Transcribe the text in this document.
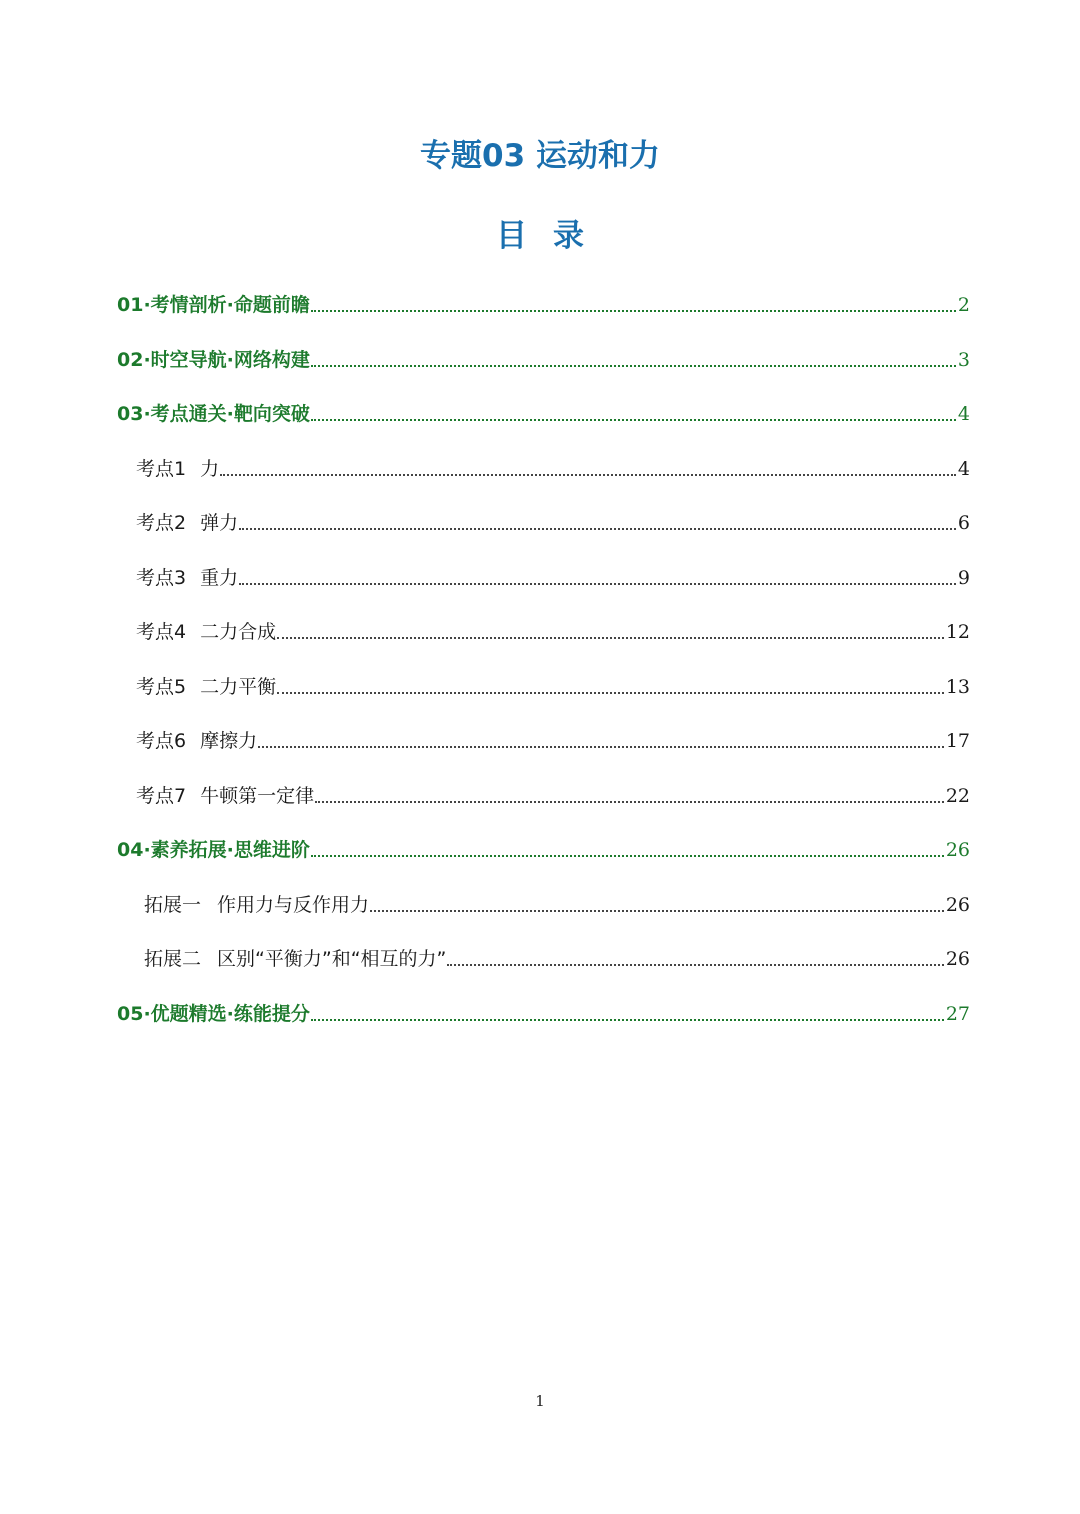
专题03 运动和力
目录
01·考情剖析·命题前瞻	2
02·时空导航·网络构建	3
03·考点通关·靶向突破	4
考点1 力	4
考点2 弹力	6
考点3 重力	9
考点4 二力合成	12
考点5 二力平衡	13
考点6 摩擦力	17
考点7 牛顿第一定律	22
04·素养拓展·思维进阶	26
拓展一 作用力与反作用力	26
拓展二 区别“平衡力”和“相互的力”	26
05·优题精选·练能提分	27
1
